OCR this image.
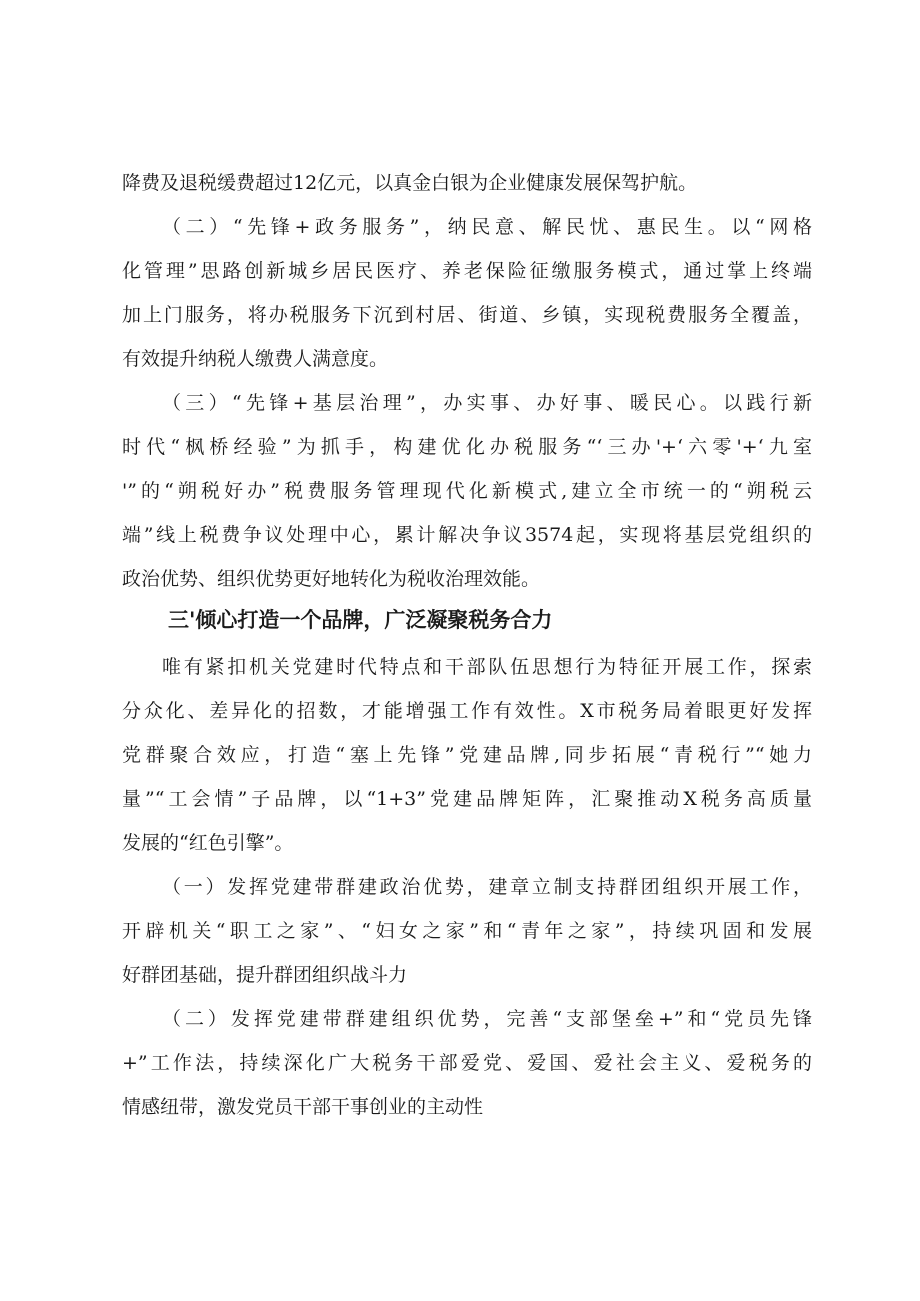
降费及退税缓费超过12亿元，以真金白银为企业健康发展保驾护航。
（二）“先锋+政务服务”，纳民意、解民忧、惠民生。以“网格
化管理”思路创新城乡居民医疗、养老保险征缴服务模式，通过掌上终端
加上门服务，将办税服务下沉到村居、街道、乡镇，实现税费服务全覆盖，
有效提升纳税人缴费人满意度。
（三）“先锋+基层治理”，办实事、办好事、暖民心。以践行新
时代“枫桥经验”为抓手，构建优化办税服务“‘三办'+‘六零'+‘九室
'”的“朔税好办”税费服务管理现代化新模式,建立全市统一的“朔税云
端”线上税费争议处理中心，累计解决争议3574起，实现将基层党组织的
政治优势、组织优势更好地转化为税收治理效能。
三'倾心打造一个品牌，广泛凝聚税务合力
唯有紧扣机关党建时代特点和干部队伍思想行为特征开展工作，探索
分众化、差异化的招数，才能增强工作有效性。X市税务局着眼更好发挥
党群聚合效应，打造“塞上先锋”党建品牌,同步拓展“青税行”“她力
量”“工会情”子品牌，以“1+3”党建品牌矩阵，汇聚推动X税务高质量
发展的“红色引擎”。
（一）发挥党建带群建政治优势，建章立制支持群团组织开展工作，
开辟机关“职工之家”、“妇女之家”和“青年之家”，持续巩固和发展
好群团基础，提升群团组织战斗力
（二）发挥党建带群建组织优势，完善“支部堡垒+”和“党员先锋
+”工作法，持续深化广大税务干部爱党、爱国、爱社会主义、爱税务的
情感纽带，激发党员干部干事创业的主动性
